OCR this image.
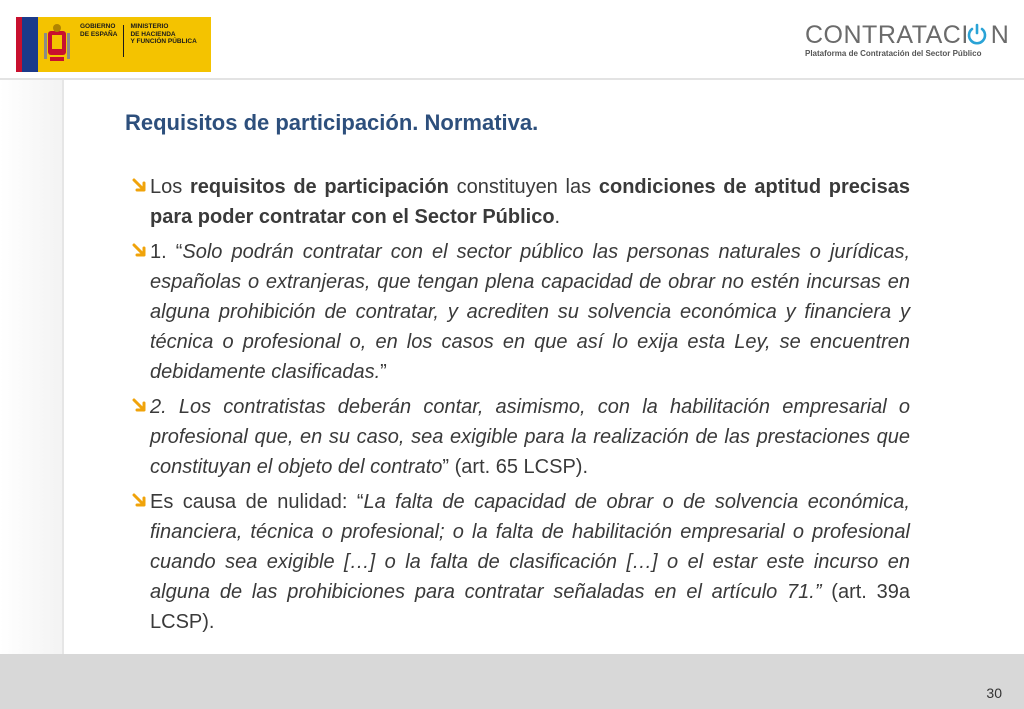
GOBIERNO
DE ESPAÑA
MINISTERIO
DE HACIENDA
Y FUNCIÓN PÚBLICA	CONTRATACI N
Plataforma de Contratación del Sector Público
Requisitos de participación. Normativa.

Los requisitos de participación constituyen las condiciones de aptitud precisas para poder contratar con el Sector Público.

1. “Solo podrán contratar con el sector público las personas naturales o jurídicas, españolas o extranjeras, que tengan plena capacidad de obrar no estén incursas en alguna prohibición de contratar, y acrediten su solvencia económica y financiera y técnica o profesional o, en los casos en que así lo exija esta Ley, se encuentren debidamente clasificadas.”

2. Los contratistas deberán contar, asimismo, con la habilitación empresarial o profesional que, en su caso, sea exigible para la realización de las prestaciones que constituyan el objeto del contrato” (art. 65 LCSP).

Es causa de nulidad: “La falta de capacidad de obrar o de solvencia económica, financiera, técnica o profesional; o la falta de habilitación empresarial o profesional cuando sea exigible […] o la falta de clasificación […] o el estar este incurso en alguna de las prohibiciones para contratar señaladas en el artículo 71.” (art. 39a LCSP).

30
